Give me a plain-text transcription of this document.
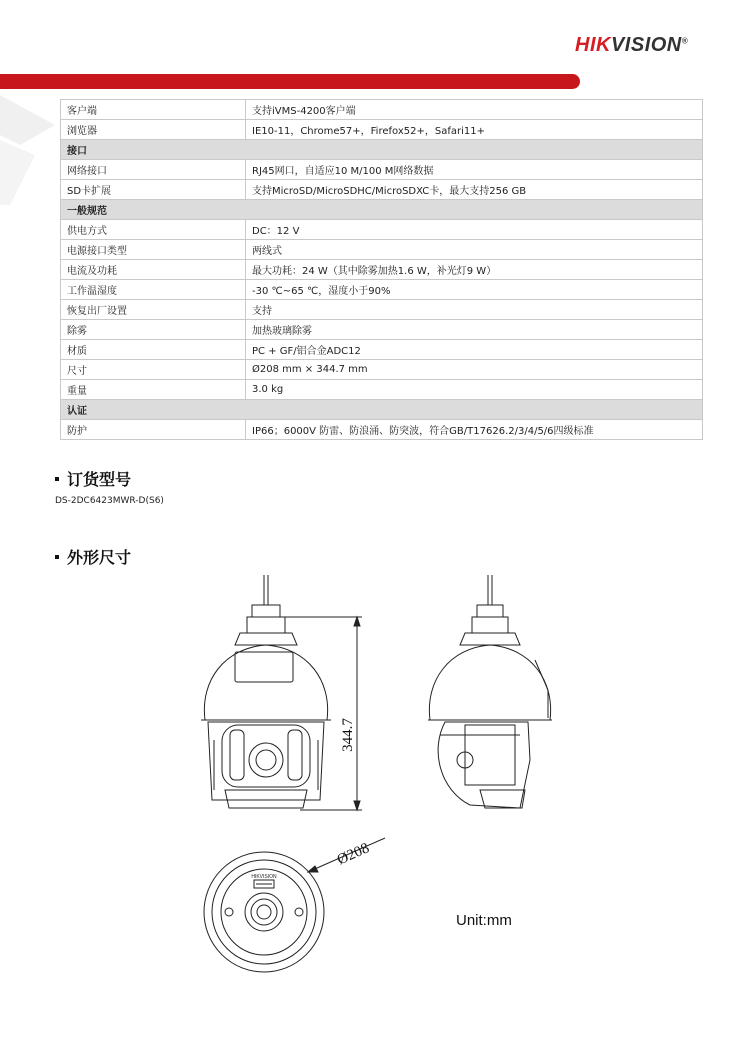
HIKVISION®
客户端	支持iVMS-4200客户端
浏览器	IE10-11，Chrome57+，Firefox52+，Safari11+
接口	
网络接口	RJ45网口，自适应10 M/100 M网络数据
SD卡扩展	支持MicroSD/MicroSDHC/MicroSDXC卡，最大支持256 GB
一般规范	
供电方式	DC：12 V
电源接口类型	两线式
电流及功耗	最大功耗：24 W（其中除雾加热1.6 W，补光灯9 W）
工作温湿度	-30 ℃~65 ℃，湿度小于90%
恢复出厂设置	支持
除雾	加热玻璃除雾
材质	PC + GF/铝合金ADC12
尺寸	Ø208 mm × 344.7 mm
重量	3.0 kg
认证	
防护	IP66；6000V 防雷、防浪涌、防突波，符合GB/T17626.2/3/4/5/6四级标准
订货型号
DS-2DC6423MWR-D(S6)
外形尺寸
344.7
HIKVISION
Ø208
Unit:mm
